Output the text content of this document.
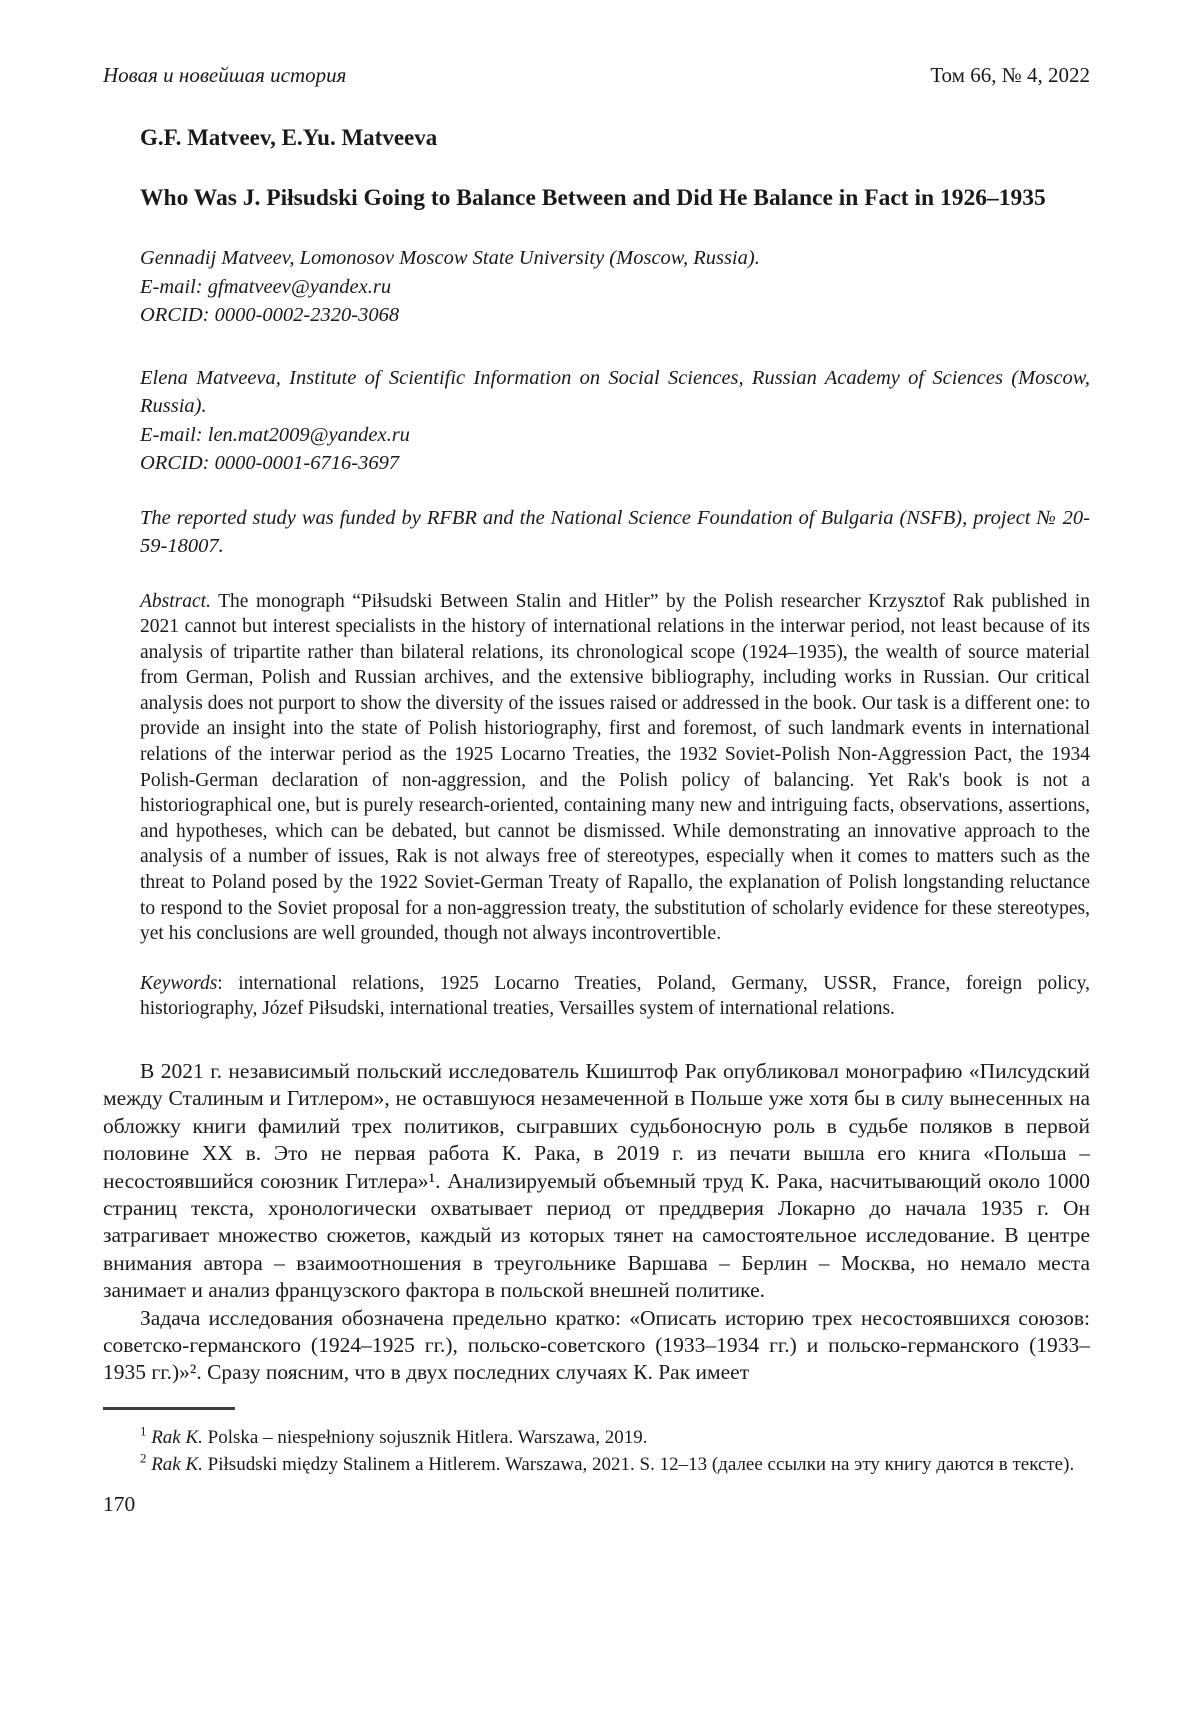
Новая и новейшая история	Том 66, № 4, 2022

G.F. Matveev, E.Yu. Matveeva

Who Was J. Piłsudski Going to Balance Between and Did He Balance in Fact in 1926–1935

Gennadij Matveev, Lomonosov Moscow State University (Moscow, Russia).

E-mail: gfmatveev@yandex.ru

ORCID: 0000-0002-2320-3068

Elena Matveeva, Institute of Scientific Information on Social Sciences, Russian Academy of Sciences (Moscow, Russia).

E-mail: len.mat2009@yandex.ru

ORCID: 0000-0001-6716-3697

The reported study was funded by RFBR and the National Science Foundation of Bulgaria (NSFB), project № 20-59-18007.

Abstract. The monograph “Piłsudski Between Stalin and Hitler” by the Polish researcher Krzysztof Rak published in 2021 cannot but interest specialists in the history of international relations in the interwar period, not least because of its analysis of tripartite rather than bilateral relations, its chronological scope (1924–1935), the wealth of source material from German, Polish and Russian archives, and the extensive bibliography, including works in Russian. Our critical analysis does not purport to show the diversity of the issues raised or addressed in the book. Our task is a different one: to provide an insight into the state of Polish historiography, first and foremost, of such landmark events in international relations of the interwar period as the 1925 Locarno Treaties, the 1932 Soviet-Polish Non-Aggression Pact, the 1934 Polish-German declaration of non-aggression, and the Polish policy of balancing. Yet Rak's book is not a historiographical one, but is purely research-oriented, containing many new and intriguing facts, observations, assertions, and hypotheses, which can be debated, but cannot be dismissed. While demonstrating an innovative approach to the analysis of a number of issues, Rak is not always free of stereotypes, especially when it comes to matters such as the threat to Poland posed by the 1922 Soviet-German Treaty of Rapallo, the explanation of Polish longstanding reluctance to respond to the Soviet proposal for a non-aggression treaty, the substitution of scholarly evidence for these stereotypes, yet his conclusions are well grounded, though not always incontrovertible.

Keywords: international relations, 1925 Locarno Treaties, Poland, Germany, USSR, France, foreign policy, historiography, Józef Piłsudski, international treaties, Versailles system of international relations.

В 2021 г. независимый польский исследователь Кшиштоф Рак опубликовал монографию «Пилсудский между Сталиным и Гитлером», не оставшуюся незамеченной в Польше уже хотя бы в силу вынесенных на обложку книги фамилий трех политиков, сыгравших судьбоносную роль в судьбе поляков в первой половине XX в. Это не первая работа К. Рака, в 2019 г. из печати вышла его книга «Польша – несостоявшийся союзник Гитлера»¹. Анализируемый объемный труд К. Рака, насчитывающий около 1000 страниц текста, хронологически охватывает период от преддверия Локарно до начала 1935 г. Он затрагивает множество сюжетов, каждый из которых тянет на самостоятельное исследование. В центре внимания автора – взаимоотношения в треугольнике Варшава – Берлин – Москва, но немало места занимает и анализ французского фактора в польской внешней политике.

Задача исследования обозначена предельно кратко: «Описать историю трех несостоявшихся союзов: советско-германского (1924–1925 гг.), польско-советского (1933–1934 гг.) и польско-германского (1933–1935 гг.)»². Сразу поясним, что в двух последних случаях К. Рак имеет

$^1$ Rak K. Polska – niespełniony sojusznik Hitlera. Warszawa, 2019.

$^2$ Rak K. Piłsudski między Stalinem a Hitlerem. Warszawa, 2021. S. 12–13 (далее ссылки на эту книгу даются в тексте).

170
